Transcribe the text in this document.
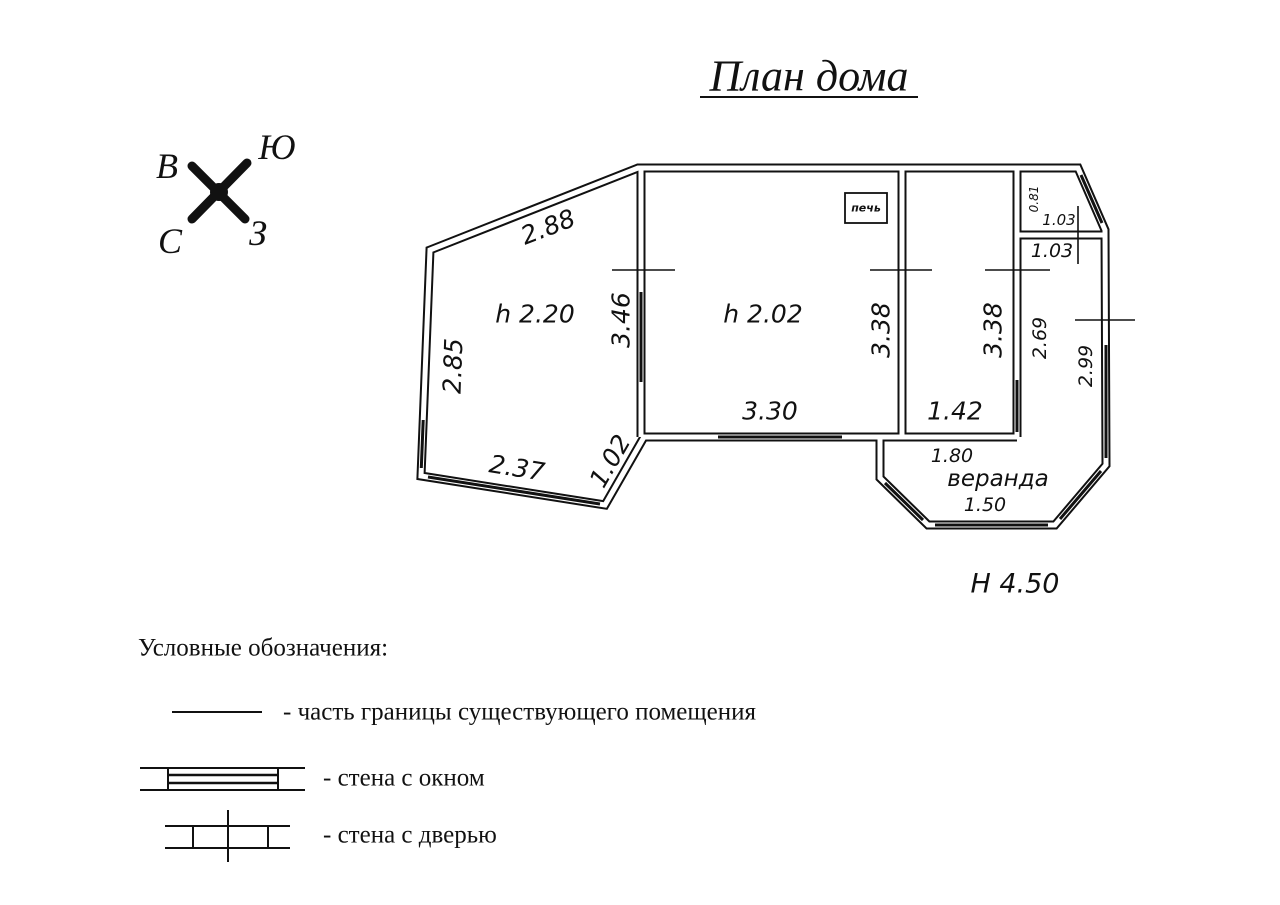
План дома
В Ю
С З
печь
2.88
h 2.20 3.46
2.85
2.37 1.02
h 2.02	3.38
3.30
3.38
1.42
0.81
1.03
1.03
2.69
2.99
1.80
веранда
1.50
H 4.50
Условные обозначения:
- часть границы существующего помещения
- стена с окном
- стена с дверью
